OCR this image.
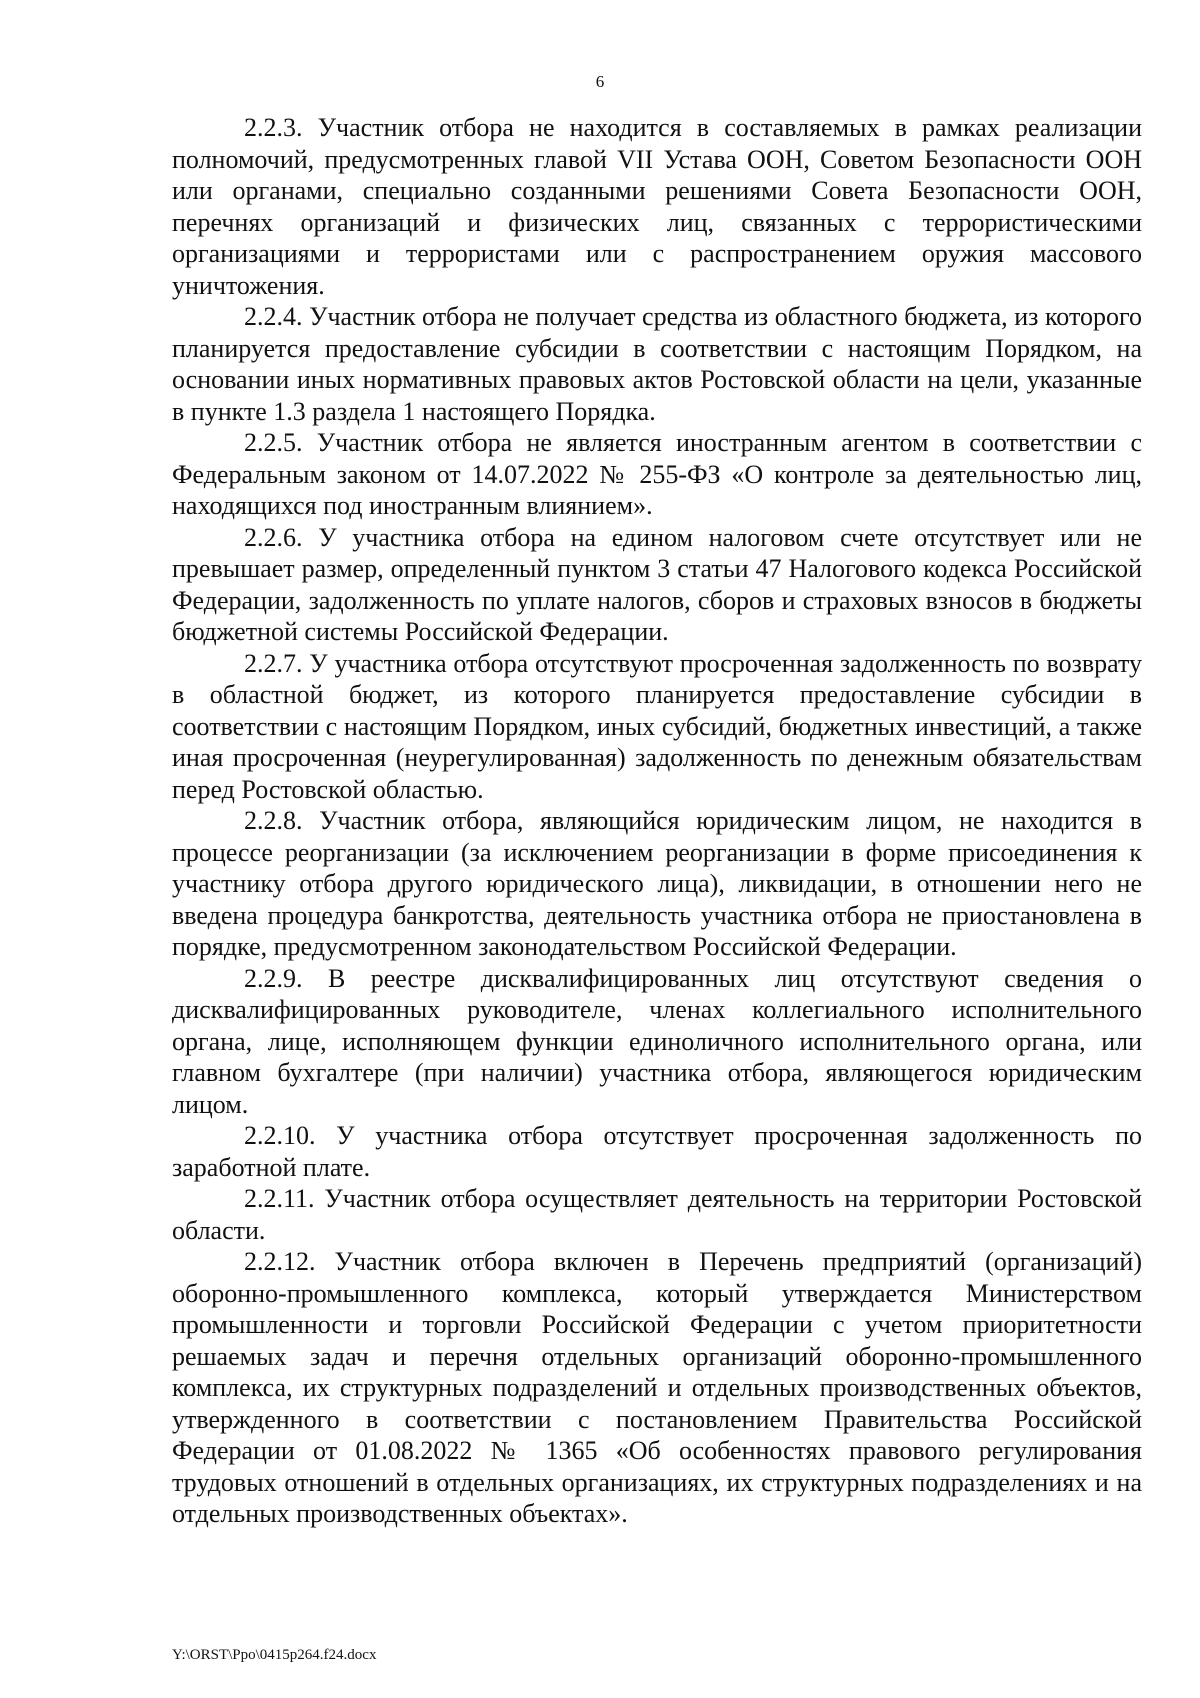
6

2.2.3. Участник отбора не находится в составляемых в рамках реализации полномочий, предусмотренных главой VII Устава ООН, Советом Безопасности ООН или органами, специально созданными решениями Совета Безопасности ООН, перечнях организаций и физических лиц, связанных с террористическими организациями и террористами или с распространением оружия массового уничтожения.

2.2.4. Участник отбора не получает средства из областного бюджета, из которого планируется предоставление субсидии в соответствии с настоящим Порядком, на основании иных нормативных правовых актов Ростовской области на цели, указанные в пункте 1.3 раздела 1 настоящего Порядка.

2.2.5. Участник отбора не является иностранным агентом в соответствии с Федеральным законом от 14.07.2022 № 255-ФЗ «О контроле за деятельностью лиц, находящихся под иностранным влиянием».

2.2.6. У участника отбора на едином налоговом счете отсутствует или не превышает размер, определенный пунктом 3 статьи 47 Налогового кодекса Российской Федерации, задолженность по уплате налогов, сборов и страховых взносов в бюджеты бюджетной системы Российской Федерации.

2.2.7. У участника отбора отсутствуют просроченная задолженность по возврату в областной бюджет, из которого планируется предоставление субсидии в соответствии с настоящим Порядком, иных субсидий, бюджетных инвестиций, а также иная просроченная (неурегулированная) задолженность по денежным обязательствам перед Ростовской областью.

2.2.8. Участник отбора, являющийся юридическим лицом, не находится в процессе реорганизации (за исключением реорганизации в форме присоединения к участнику отбора другого юридического лица), ликвидации, в отношении него не введена процедура банкротства, деятельность участника отбора не приостановлена в порядке, предусмотренном законодательством Российской Федерации.

2.2.9. В реестре дисквалифицированных лиц отсутствуют сведения о дисквалифицированных руководителе, членах коллегиального исполнительного органа, лице, исполняющем функции единоличного исполнительного органа, или главном бухгалтере (при наличии) участника отбора, являющегося юридическим лицом.

2.2.10. У участника отбора отсутствует просроченная задолженность по заработной плате.

2.2.11. Участник отбора осуществляет деятельность на территории Ростовской области.

2.2.12. Участник отбора включен в Перечень предприятий (организаций) оборонно-промышленного комплекса, который утверждается Министерством промышленности и торговли Российской Федерации с учетом приоритетности решаемых задач и перечня отдельных организаций оборонно-промышленного комплекса, их структурных подразделений и отдельных производственных объектов, утвержденного в соответствии с постановлением Правительства Российской Федерации от 01.08.2022 № 1365 «Об особенностях правового регулирования трудовых отношений в отдельных организациях, их структурных подразделениях и на отдельных производственных объектах».

Y:\ORST\Ppo\0415p264.f24.docx
